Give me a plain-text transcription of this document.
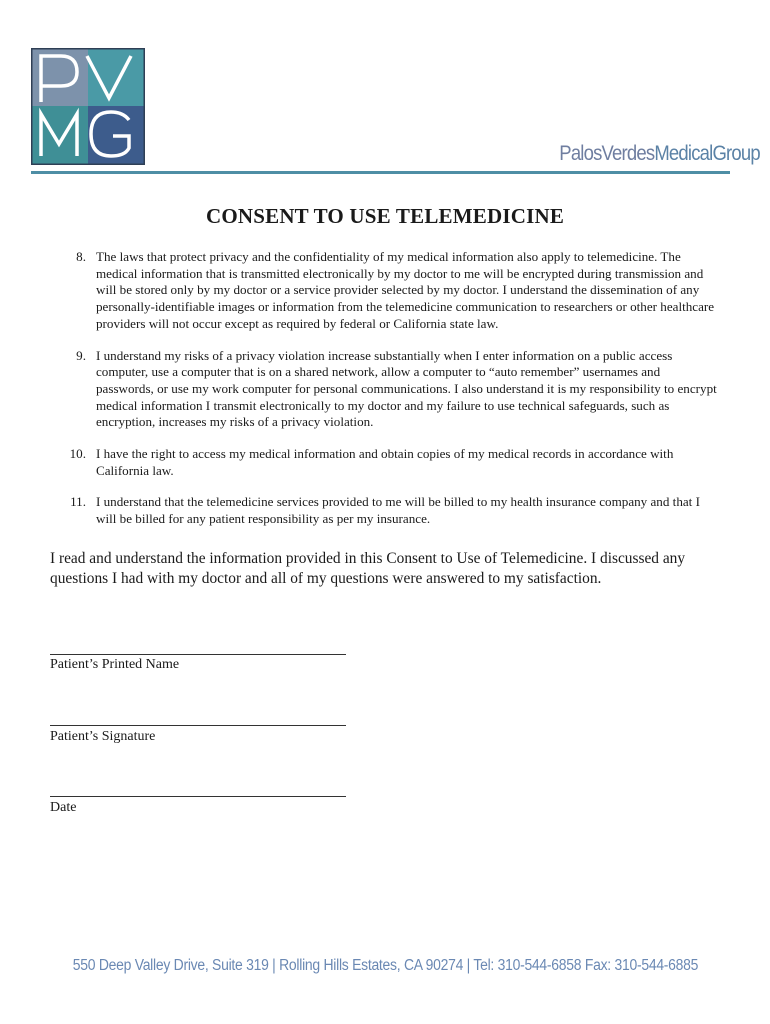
PalosVerdesMedicalGroup
CONSENT TO USE TELEMEDICINE
8. The laws that protect privacy and the confidentiality of my medical information also apply to telemedicine. The medical information that is transmitted electronically by my doctor to me will be encrypted during transmission and will be stored only by my doctor or a service provider selected by my doctor. I understand the dissemination of any personally-identifiable images or information from the telemedicine communication to researchers or other healthcare providers will not occur except as required by federal or California state law.
9. I understand my risks of a privacy violation increase substantially when I enter information on a public access computer, use a computer that is on a shared network, allow a computer to “auto remember” usernames and passwords, or use my work computer for personal communications. I also understand it is my responsibility to encrypt medical information I transmit electronically to my doctor and my failure to use technical safeguards, such as encryption, increases my risks of a privacy violation.
10. I have the right to access my medical information and obtain copies of my medical records in accordance with California law.
11. I understand that the telemedicine services provided to me will be billed to my health insurance company and that I will be billed for any patient responsibility as per my insurance.
I read and understand the information provided in this Consent to Use of Telemedicine. I discussed any questions I had with my doctor and all of my questions were answered to my satisfaction.
Patient’s Printed Name
Patient’s Signature
Date
550 Deep Valley Drive, Suite 319 | Rolling Hills Estates, CA 90274 | Tel: 310-544-6858 Fax: 310-544-6885
